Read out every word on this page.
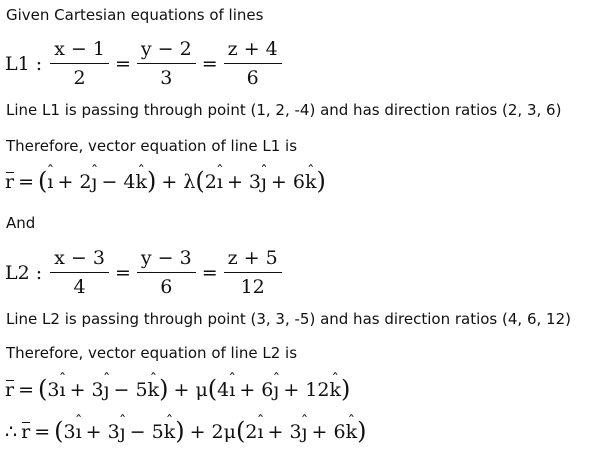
Given Cartesian equations of lines
L1 : $\frac{x - 1}{2} = \frac{y - 2}{3} = \frac{z + 4}{6}$
Line L1 is passing through point (1, 2, -4) and has direction ratios (2, 3, 6)
Therefore, vector equation of line L1 is
r = ( ı ˆ + 2 ȷ ˆ − 4 k ˆ ) + λ ( 2 ı ˆ + 3 ȷ ˆ + 6 k ˆ )
And
L2 : $\frac{x - 3}{4} = \frac{y - 3}{6} = \frac{z + 5}{12}$
Line L2 is passing through point (3, 3, -5) and has direction ratios (4, 6, 12)
Therefore, vector equation of line L2 is
r = ( 3 ı ˆ + 3 ȷ ˆ − 5 k ˆ ) + μ ( 4 ı ˆ + 6 ȷ ˆ + 12 k ˆ )
∴ r = ( 3 ı ˆ + 3 ȷ ˆ − 5 k ˆ ) + 2μ ( 2 ı ˆ + 3 ȷ ˆ + 6 k ˆ )
